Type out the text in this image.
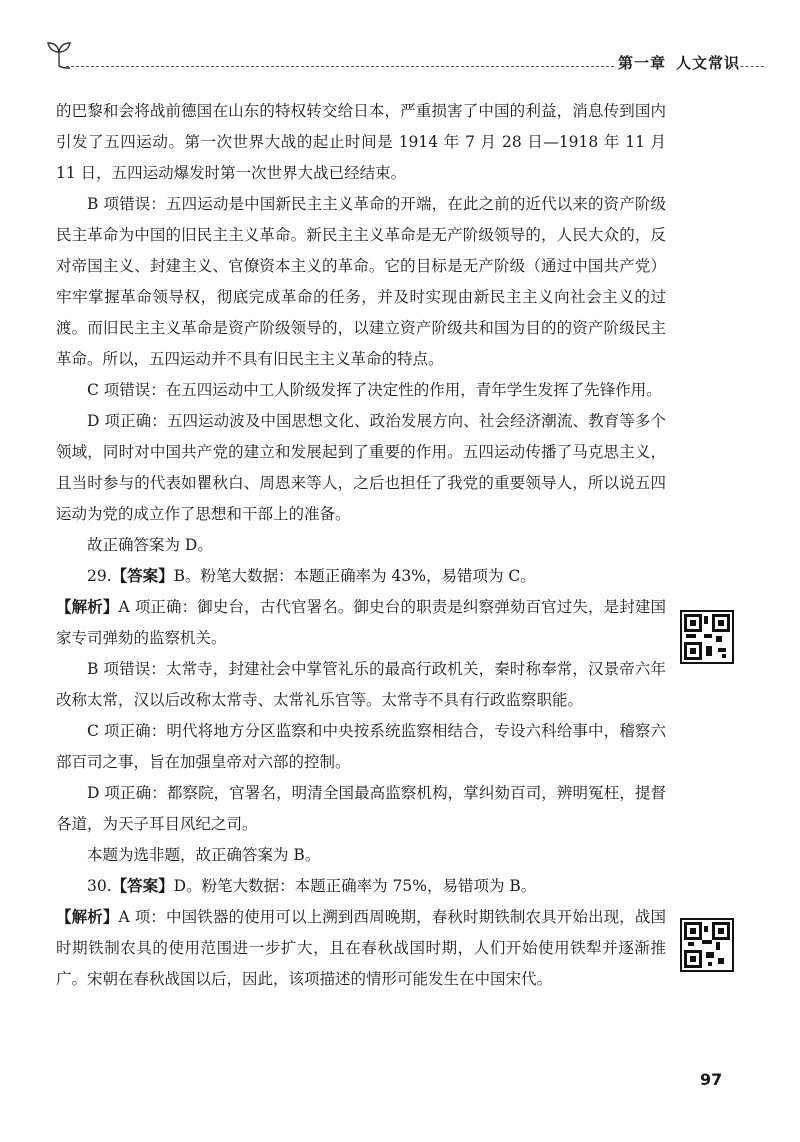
第一章 人文常识

的巴黎和会将战前德国在山东的特权转交给日本，严重损害了中国的利益，消息传到国内引发了五四运动。第一次世界大战的起止时间是 1914 年 7 月 28 日—1918 年 11 月 11 日，五四运动爆发时第一次世界大战已经结束。

B 项错误：五四运动是中国新民主主义革命的开端，在此之前的近代以来的资产阶级民主革命为中国的旧民主主义革命。新民主主义革命是无产阶级领导的，人民大众的，反对帝国主义、封建主义、官僚资本主义的革命。它的目标是无产阶级（通过中国共产党）牢牢掌握革命领导权，彻底完成革命的任务，并及时实现由新民主主义向社会主义的过渡。而旧民主主义革命是资产阶级领导的，以建立资产阶级共和国为目的的资产阶级民主革命。所以，五四运动并不具有旧民主主义革命的特点。

C 项错误：在五四运动中工人阶级发挥了决定性的作用，青年学生发挥了先锋作用。

D 项正确：五四运动波及中国思想文化、政治发展方向、社会经济潮流、教育等多个领域，同时对中国共产党的建立和发展起到了重要的作用。五四运动传播了马克思主义，且当时参与的代表如瞿秋白、周恩来等人，之后也担任了我党的重要领导人，所以说五四运动为党的成立作了思想和干部上的准备。

故正确答案为 D。

29.【答案】B。粉笔大数据：本题正确率为 43%，易错项为 C。

【解析】A 项正确：御史台，古代官署名。御史台的职责是纠察弹劾百官过失，是封建国家专司弹劾的监察机关。

B 项错误：太常寺，封建社会中掌管礼乐的最高行政机关，秦时称奉常，汉景帝六年改称太常，汉以后改称太常寺、太常礼乐官等。太常寺不具有行政监察职能。

C 项正确：明代将地方分区监察和中央按系统监察相结合，专设六科给事中，稽察六部百司之事，旨在加强皇帝对六部的控制。

D 项正确：都察院，官署名，明清全国最高监察机构，掌纠劾百司，辨明冤枉，提督各道，为天子耳目风纪之司。

本题为选非题，故正确答案为 B。

30.【答案】D。粉笔大数据：本题正确率为 75%，易错项为 B。

【解析】A 项：中国铁器的使用可以上溯到西周晚期，春秋时期铁制农具开始出现，战国时期铁制农具的使用范围进一步扩大，且在春秋战国时期，人们开始使用铁犁并逐渐推广。宋朝在春秋战国以后，因此，该项描述的情形可能发生在中国宋代。

97
